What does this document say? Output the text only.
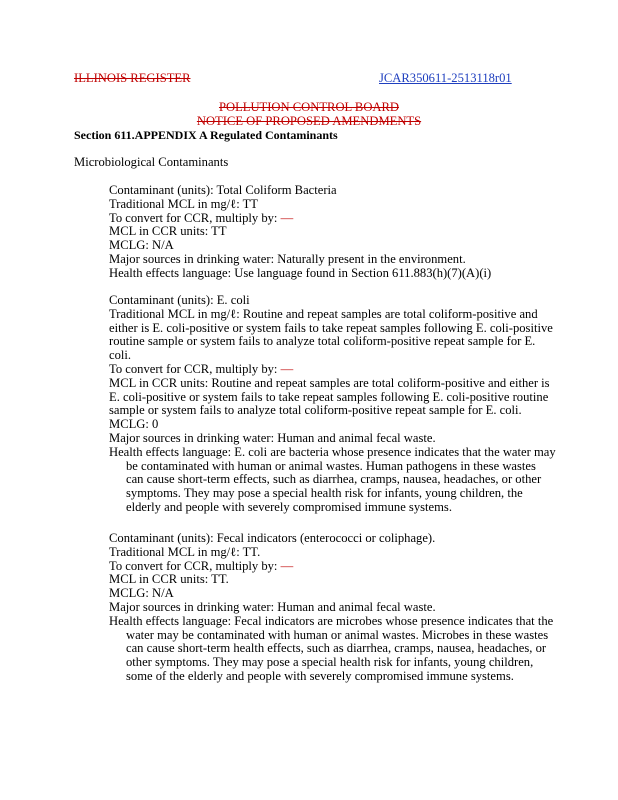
ILLINOIS REGISTER	JCAR350611-2513118r01
POLLUTION CONTROL BOARD
NOTICE OF PROPOSED AMENDMENTS
Section 611.APPENDIX A Regulated Contaminants
Microbiological Contaminants
Contaminant (units): Total Coliform Bacteria
Traditional MCL in mg/ℓ: TT
To convert for CCR, multiply by: —
MCL in CCR units: TT
MCLG: N/A
Major sources in drinking water: Naturally present in the environment.
Health effects language: Use language found in Section 611.883(h)(7)(A)(i)
Contaminant (units): E. coli
Traditional MCL in mg/ℓ: Routine and repeat samples are total coliform-positive and
either is E. coli-positive or system fails to take repeat samples following E. coli-positive
routine sample or system fails to analyze total coliform-positive repeat sample for E.
coli.
To convert for CCR, multiply by: —
MCL in CCR units: Routine and repeat samples are total coliform-positive and either is
E. coli-positive or system fails to take repeat samples following E. coli-positive routine
sample or system fails to analyze total coliform-positive repeat sample for E. coli.
MCLG: 0
Major sources in drinking water: Human and animal fecal waste.
Health effects language: E. coli are bacteria whose presence indicates that the water may
be contaminated with human or animal wastes. Human pathogens in these wastes
can cause short-term effects, such as diarrhea, cramps, nausea, headaches, or other
symptoms. They may pose a special health risk for infants, young children, the
elderly and people with severely compromised immune systems.
Contaminant (units): Fecal indicators (enterococci or coliphage).
Traditional MCL in mg/ℓ: TT.
To convert for CCR, multiply by: —
MCL in CCR units: TT.
MCLG: N/A
Major sources in drinking water: Human and animal fecal waste.
Health effects language: Fecal indicators are microbes whose presence indicates that the
water may be contaminated with human or animal wastes. Microbes in these wastes
can cause short-term health effects, such as diarrhea, cramps, nausea, headaches, or
other symptoms. They may pose a special health risk for infants, young children,
some of the elderly and people with severely compromised immune systems.
